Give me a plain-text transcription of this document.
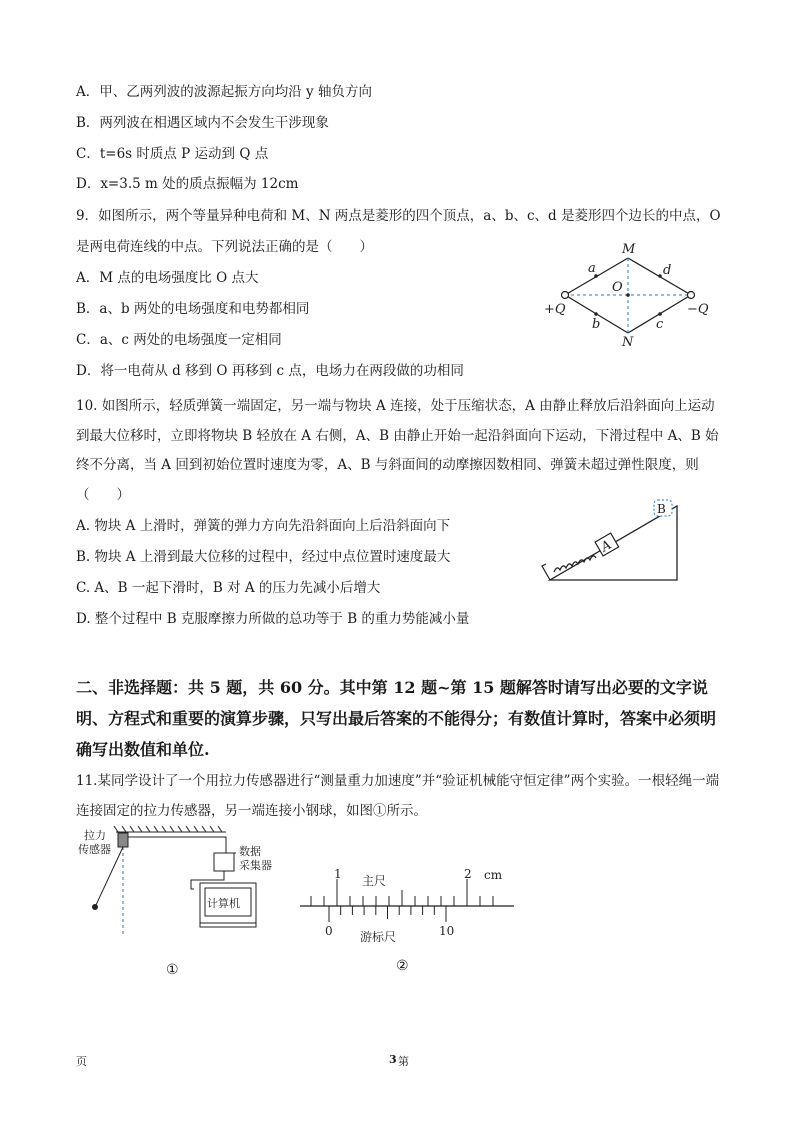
A．甲、乙两列波的波源起振方向均沿 y 轴负方向
B．两列波在相遇区域内不会发生干涉现象
C．t=6s 时质点 P 运动到 Q 点
D．x=3.5 m 处的质点振幅为 12cm
9．如图所示，两个等量异种电荷和 M、N 两点是菱形的四个顶点，a、b、c、d 是菱形四个边长的中点，O
是两电荷连线的中点。下列说法正确的是（　　）
A．M 点的电场强度比 O 点大
B．a、b 两处的电场强度和电势都相同
C．a、c 两处的电场强度一定相同
D．将一电荷从 d 移到 O 再移到 c 点，电场力在两段做的功相同
M
N
O
a
b	c
d
+Q	−Q
10. 如图所示，轻质弹簧一端固定，另一端与物块 A 连接，处于压缩状态，A 由静止释放后沿斜面向上运动到最大位移时，立即将物块 B 轻放在 A 右侧，A、B 由静止开始一起沿斜面向下运动，下滑过程中 A、B 始终不分离，当 A 回到初始位置时速度为零，A、B 与斜面间的动摩擦因数相同、弹簧未超过弹性限度，则（　　）
A. 物块 A 上滑时，弹簧的弹力方向先沿斜面向上后沿斜面向下
B. 物块 A 上滑到最大位移的过程中，经过中点位置时速度最大
C. A、B 一起下滑时，B 对 A 的压力先减小后增大
D. 整个过程中 B 克服摩擦力所做的总功等于 B 的重力势能减小量
A
B
二、非选择题：共 5 题，共 60 分。其中第 12 题~第 15 题解答时请写出必要的文字说明、方程式和重要的演算步骤，只写出最后答案的不能得分；有数值计算时，答案中必须明确写出数值和单位.
11.某同学设计了一个用拉力传感器进行“测量重力加速度”并“验证机械能守恒定律”两个实验。一根轻绳一端连接固定的拉力传感器，另一端连接小钢球，如图①所示。
拉力
传感器	数据
采集器
计算机
①
1	2 cm
主尺
0	10
游标尺
②
页	3 第
